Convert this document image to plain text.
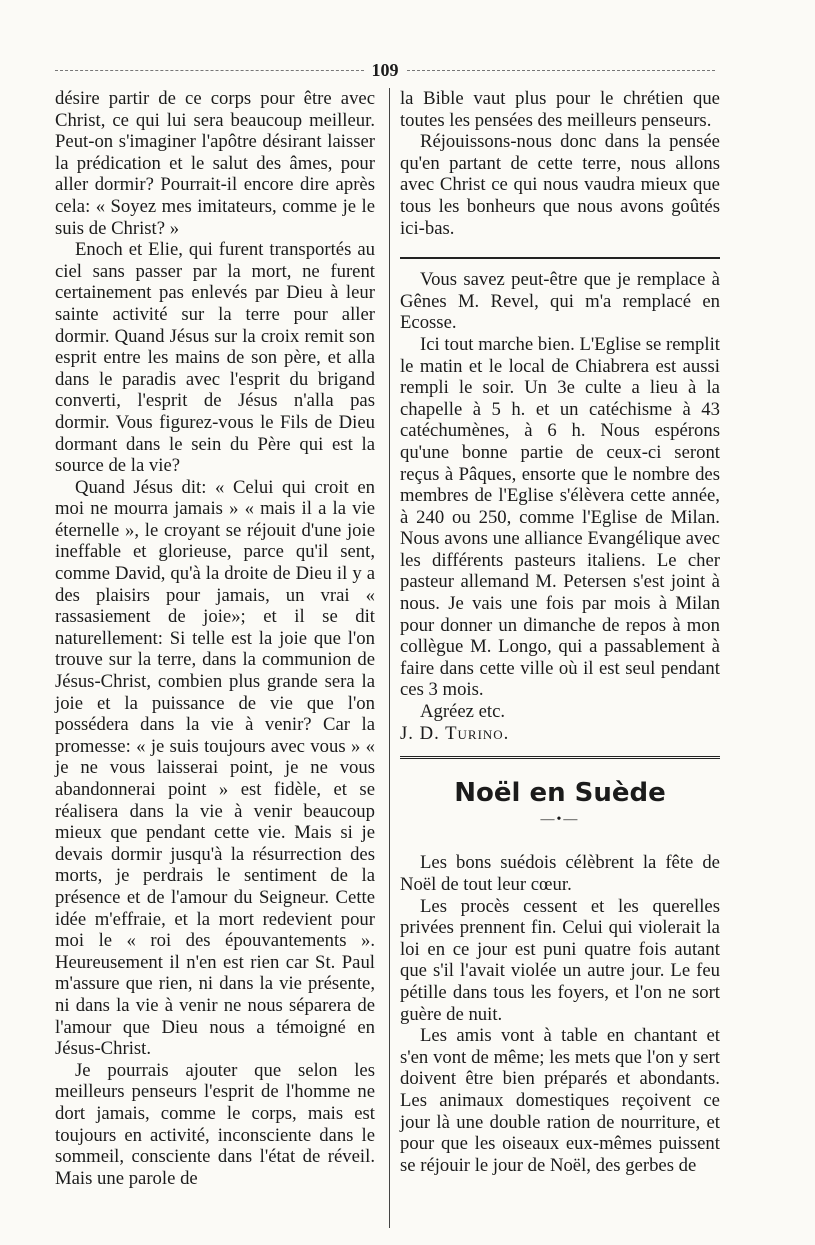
109

désire partir de ce corps pour être avec Christ, ce qui lui sera beaucoup meilleur. Peut-on s'imaginer l'apôtre désirant laisser la prédication et le salut des âmes, pour aller dormir? Pourrait-il encore dire après cela: « Soyez mes imitateurs, comme je le suis de Christ? »

Enoch et Elie, qui furent transportés au ciel sans passer par la mort, ne furent certainement pas enlevés par Dieu à leur sainte activité sur la terre pour aller dormir. Quand Jésus sur la croix remit son esprit entre les mains de son père, et alla dans le paradis avec l'esprit du brigand converti, l'esprit de Jésus n'alla pas dormir. Vous figurez-vous le Fils de Dieu dormant dans le sein du Père qui est la source de la vie?

Quand Jésus dit: « Celui qui croit en moi ne mourra jamais » « mais il a la vie éternelle », le croyant se réjouit d'une joie ineffable et glorieuse, parce qu'il sent, comme David, qu'à la droite de Dieu il y a des plaisirs pour jamais, un vrai « rassasiement de joie»; et il se dit naturellement: Si telle est la joie que l'on trouve sur la terre, dans la communion de Jésus-Christ, combien plus grande sera la joie et la puissance de vie que l'on possédera dans la vie à venir? Car la promesse: « je suis toujours avec vous » « je ne vous laisserai point, je ne vous abandonnerai point » est fidèle, et se réalisera dans la vie à venir beaucoup mieux que pendant cette vie. Mais si je devais dormir jusqu'à la résurrection des morts, je perdrais le sentiment de la présence et de l'amour du Seigneur. Cette idée m'effraie, et la mort redevient pour moi le « roi des épouvantements ». Heureusement il n'en est rien car St. Paul m'assure que rien, ni dans la vie présente, ni dans la vie à venir ne nous séparera de l'amour que Dieu nous a témoigné en Jésus-Christ.

Je pourrais ajouter que selon les meilleurs penseurs l'esprit de l'homme ne dort jamais, comme le corps, mais est toujours en activité, inconsciente dans le sommeil, consciente dans l'état de réveil. Mais une parole de

la Bible vaut plus pour le chrétien que toutes les pensées des meilleurs penseurs.

Réjouissons-nous donc dans la pensée qu'en partant de cette terre, nous allons avec Christ ce qui nous vaudra mieux que tous les bonheurs que nous avons goûtés ici-bas.

Vous savez peut-être que je remplace à Gênes M. Revel, qui m'a remplacé en Ecosse.

Ici tout marche bien. L'Eglise se remplit le matin et le local de Chiabrera est aussi rempli le soir. Un 3e culte a lieu à la chapelle à 5 h. et un catéchisme à 43 catéchumènes, à 6 h. Nous espérons qu'une bonne partie de ceux-ci seront reçus à Pâques, ensorte que le nombre des membres de l'Eglise s'élèvera cette année, à 240 ou 250, comme l'Eglise de Milan. Nous avons une alliance Evangélique avec les différents pasteurs italiens. Le cher pasteur allemand M. Petersen s'est joint à nous. Je vais une fois par mois à Milan pour donner un dimanche de repos à mon collègue M. Longo, qui a passablement à faire dans cette ville où il est seul pendant ces 3 mois.

Agréez etc.

J. D. Turino.

Noël en Suède
—•—

Les bons suédois célèbrent la fête de Noël de tout leur cœur.

Les procès cessent et les querelles privées prennent fin. Celui qui violerait la loi en ce jour est puni quatre fois autant que s'il l'avait violée un autre jour. Le feu pétille dans tous les foyers, et l'on ne sort guère de nuit.

Les amis vont à table en chantant et s'en vont de même; les mets que l'on y sert doivent être bien préparés et abondants. Les animaux domestiques reçoivent ce jour là une double ration de nourriture, et pour que les oiseaux eux-mêmes puissent se réjouir le jour de Noël, des gerbes de
